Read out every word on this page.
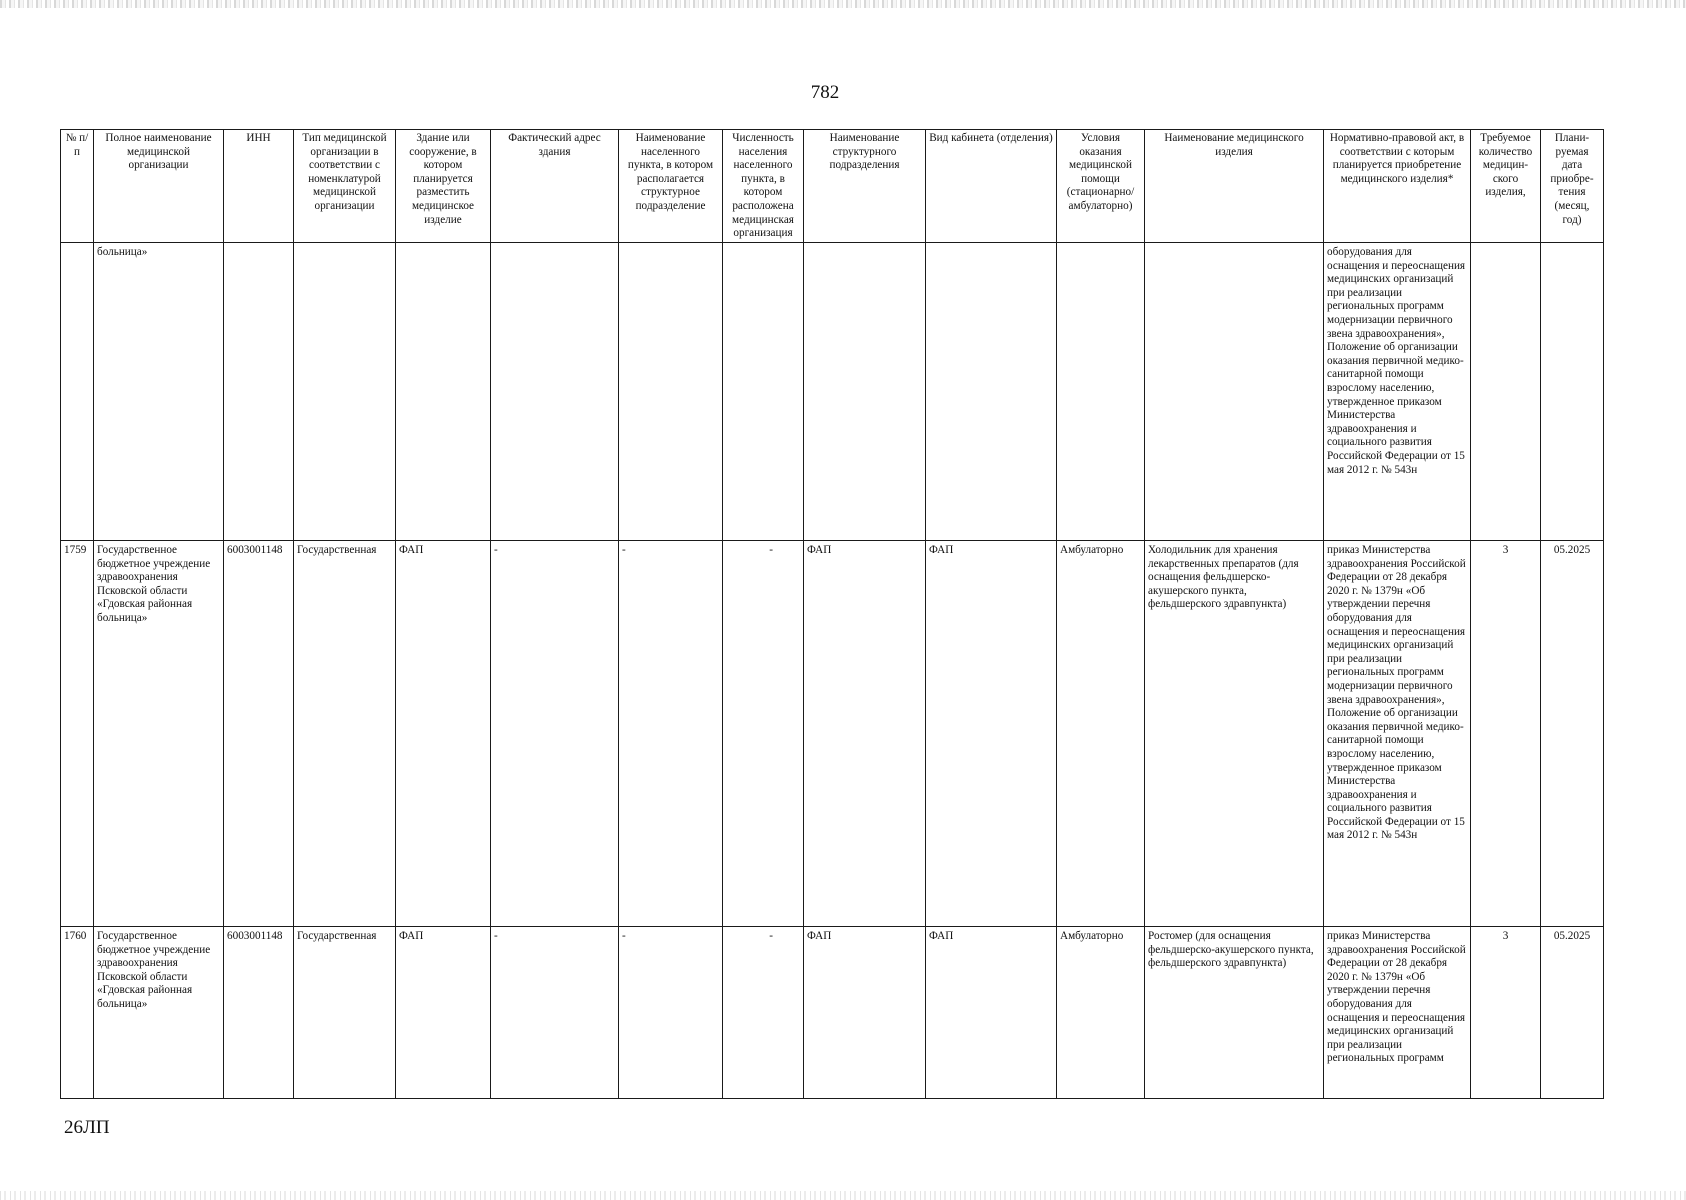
782
№ п/п	Полное наименование медицинской организации	ИНН	Тип медицинской организации в соответствии с номенклатурой медицинской организации	Здание или сооружение, в котором планируется разместить медицинское изделие	Фактический адрес здания	Наименование населенного пункта, в котором располагается структурное подразделение	Численность населения населенного пункта, в котором расположена медицинская организация	Наименование структурного подразделения	Вид кабинета (отделения)	Условия оказания медицинской помощи (стационарно/ амбулаторно)	Наименование медицинского изделия	Нормативно-правовой акт, в соответствии с которым планируется приобретение медицинского изделия*	Требуемое количество медицин-ского изделия,	Плани-руемая дата приобре-тения (месяц, год)
	больница»											оборудования для оснащения и переоснащения медицинских организаций при реализации региональных программ модернизации первичного звена здравоохранения», Положение об организации оказания первичной медико-санитарной помощи взрослому населению, утвержденное приказом Министерства здравоохранения и социального развития Российской Федерации от 15 мая 2012 г. № 543н		
1759	Государственное бюджетное учреждение здравоохранения Псковской области «Гдовская районная больница»	6003001148	Государственная	ФАП	-	-	-	ФАП	ФАП	Амбулаторно	Холодильник для хранения лекарственных препаратов (для оснащения фельдшерско-акушерского пункта, фельдшерского здравпункта)	приказ Министерства здравоохранения Российской Федерации от 28 декабря 2020 г. № 1379н «Об утверждении перечня оборудования для оснащения и переоснащения медицинских организаций при реализации региональных программ модернизации первичного звена здравоохранения», Положение об организации оказания первичной медико-санитарной помощи взрослому населению, утвержденное приказом Министерства здравоохранения и социального развития Российской Федерации от 15 мая 2012 г. № 543н	3	05.2025
1760	Государственное бюджетное учреждение здравоохранения Псковской области «Гдовская районная больница»	6003001148	Государственная	ФАП	-	-	-	ФАП	ФАП	Амбулаторно	Ростомер (для оснащения фельдшерско-акушерского пункта, фельдшерского здравпункта)	приказ Министерства здравоохранения Российской Федерации от 28 декабря 2020 г. № 1379н «Об утверждении перечня оборудования для оснащения и переоснащения медицинских организаций при реализации региональных программ	3	05.2025
26ЛП
